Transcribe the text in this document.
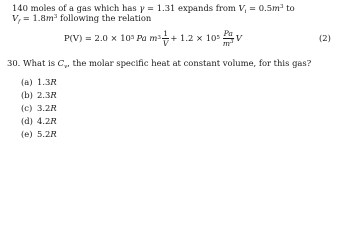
140 moles of a gas which has γ = 1.31 expands from $V_i = 0.5m^3$ to
$V_f = 1.8m^3$ following the relation
P(V) = 2.0 × 10 5 Pa m $3 \frac{1}{V} + 1.2 \times 10$ $5 \frac{Pa}{m^3}$ V	(2)
30. What is $C_v$, the molar specific heat at constant volume, for this gas?
(a) 1.3R
(b) 2.3R
(c) 3.2R
(d) 4.2R
(e) 5.2R
